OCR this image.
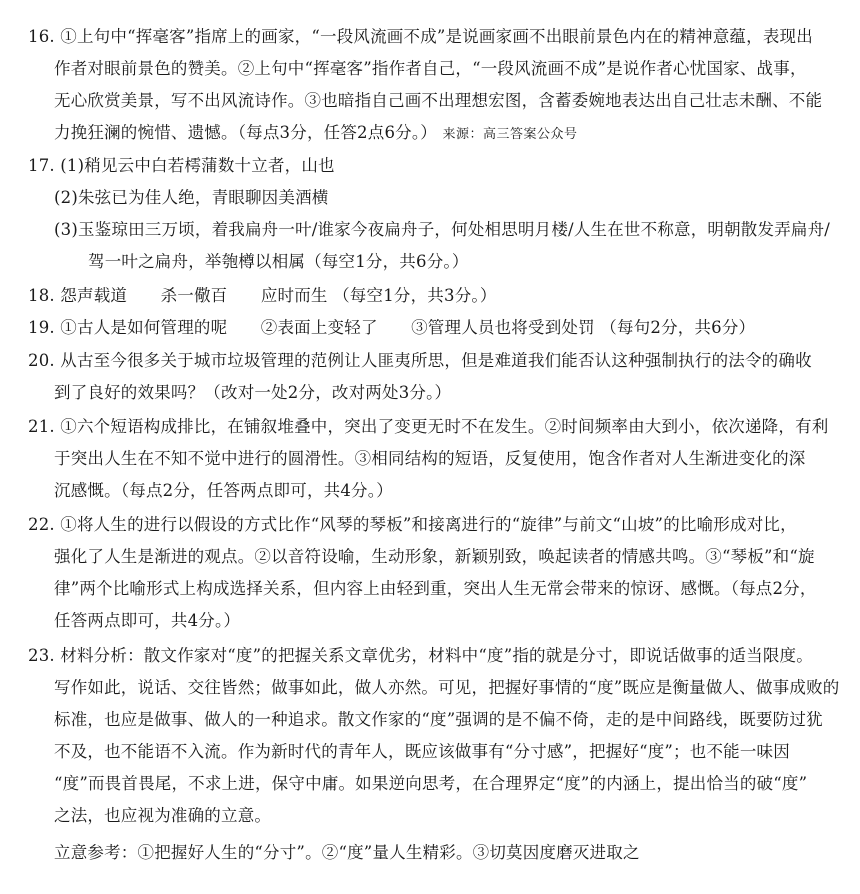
16. ①上句中“挥毫客”指席上的画家，“一段风流画不成”是说画家画不出眼前景色内在的精神意蕴，表现出
作者对眼前景色的赞美。②上句中“挥毫客”指作者自己，“一段风流画不成”是说作者心忧国家、战事，
无心欣赏美景，写不出风流诗作。③也暗指自己画不出理想宏图，含蓄委婉地表达出自己壮志未酬、不能
力挽狂澜的惋惜、遗憾。（每点3分，任答2点6分。） 来源：高三答案公众号
17. (1)稍见云中白若樗蒲数十立者，山也
(2)朱弦已为佳人绝，青眼聊因美酒横
(3)玉鉴琼田三万顷，着我扁舟一叶/谁家今夜扁舟子，何处相思明月楼/人生在世不称意，明朝散发弄扁舟/
驾一叶之扁舟，举匏樽以相属（每空1分，共6分。）
18. 怨声载道 杀一儆百 应时而生 （每空1分，共3分。）
19. ①古人是如何管理的呢 ②表面上变轻了 ③管理人员也将受到处罚 （每句2分，共6分）
20. 从古至今很多关于城市垃圾管理的范例让人匪夷所思，但是难道我们能否认这种强制执行的法令的确收
到了良好的效果吗？（改对一处2分，改对两处3分。）
21. ①六个短语构成排比，在铺叙堆叠中，突出了变更无时不在发生。②时间频率由大到小，依次递降，有利
于突出人生在不知不觉中进行的圆滑性。③相同结构的短语，反复使用，饱含作者对人生渐进变化的深
沉感慨。（每点2分，任答两点即可，共4分。）
22. ①将人生的进行以假设的方式比作“风琴的琴板”和接离进行的“旋律”与前文“山坡”的比喻形成对比，
强化了人生是渐进的观点。②以音符设喻，生动形象，新颖别致，唤起读者的情感共鸣。③“琴板”和“旋
律”两个比喻形式上构成选择关系，但内容上由轻到重，突出人生无常会带来的惊讶、感慨。（每点2分，
任答两点即可，共4分。）
23. 材料分析：散文作家对“度”的把握关系文章优劣，材料中“度”指的就是分寸，即说话做事的适当限度。
写作如此，说话、交往皆然；做事如此，做人亦然。可见，把握好事情的“度”既应是衡量做人、做事成败的
标准，也应是做事、做人的一种追求。散文作家的“度”强调的是不偏不倚，走的是中间路线，既要防过犹
不及，也不能语不入流。作为新时代的青年人，既应该做事有“分寸感”，把握好“度”；也不能一味因
“度”而畏首畏尾，不求上进，保守中庸。如果逆向思考，在合理界定“度”的内涵上，提出恰当的破“度”
之法，也应视为准确的立意。
立意参考：①把握好人生的“分寸”。②“度”量人生精彩。③切莫因度磨灭进取之
